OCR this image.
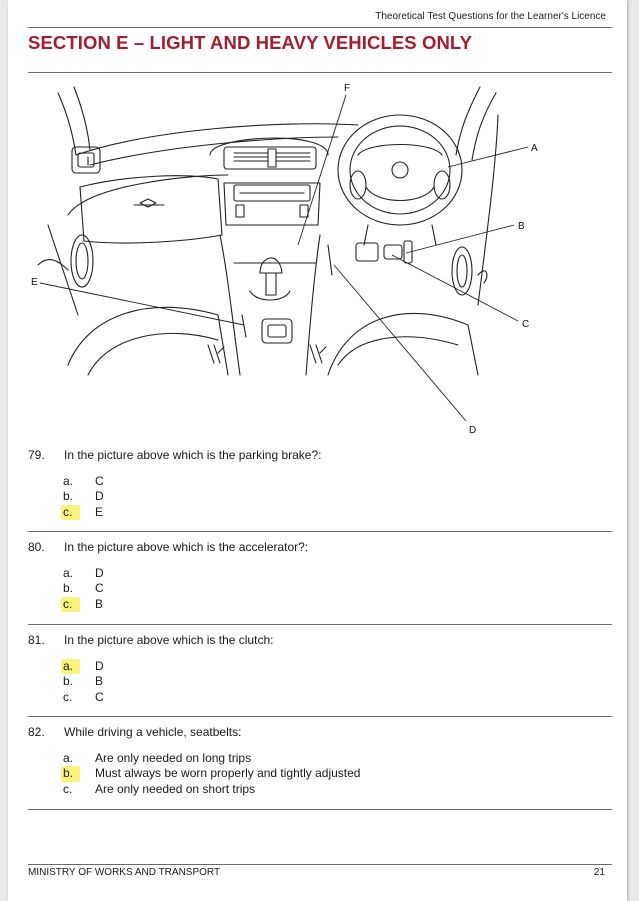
Theoretical Test Questions for the Learner's Licence
SECTION E – LIGHT AND HEAVY VEHICLES ONLY
A
B
C
D
E
F
79. In the picture above which is the parking brake?:
a.	C
b.	D
c.	E
80. In the picture above which is the accelerator?:
a.	D
b.	C
c.	B
81. In the picture above which is the clutch:
a.	D
b.	B
c.	C
82. While driving a vehicle, seatbelts:
a.	Are only needed on long trips
b.	Must always be worn properly and tightly adjusted
c.	Are only needed on short trips
MINISTRY OF WORKS AND TRANSPORT	21
